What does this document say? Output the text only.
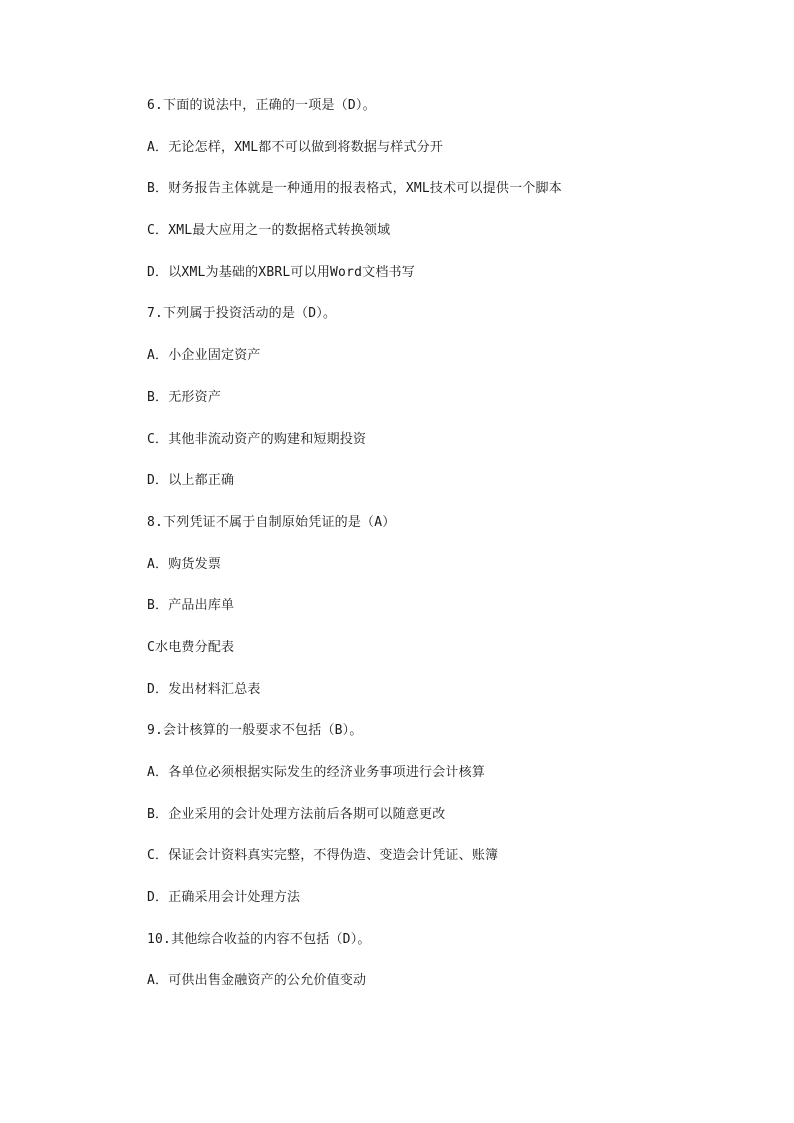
6.下面的说法中，正确的一项是（D）。
A．无论怎样，XML都不可以做到将数据与样式分开
B．财务报告主体就是一种通用的报表格式，XML技术可以提供一个脚本
C．XML最大应用之一的数据格式转换领域
D．以XML为基础的XBRL可以用Word文档书写
7.下列属于投资活动的是（D）。
A．小企业固定资产
B．无形资产
C．其他非流动资产的购建和短期投资
D．以上都正确
8.下列凭证不属于自制原始凭证的是（A）
A．购货发票
B．产品出库单
C水电费分配表
D．发出材料汇总表
9.会计核算的一般要求不包括（B）。
A．各单位必须根据实际发生的经济业务事项进行会计核算
B．企业采用的会计处理方法前后各期可以随意更改
C．保证会计资料真实完整，不得伪造、变造会计凭证、账簿
D．正确采用会计处理方法
10.其他综合收益的内容不包括（D）。
A．可供出售金融资产的公允价值变动
